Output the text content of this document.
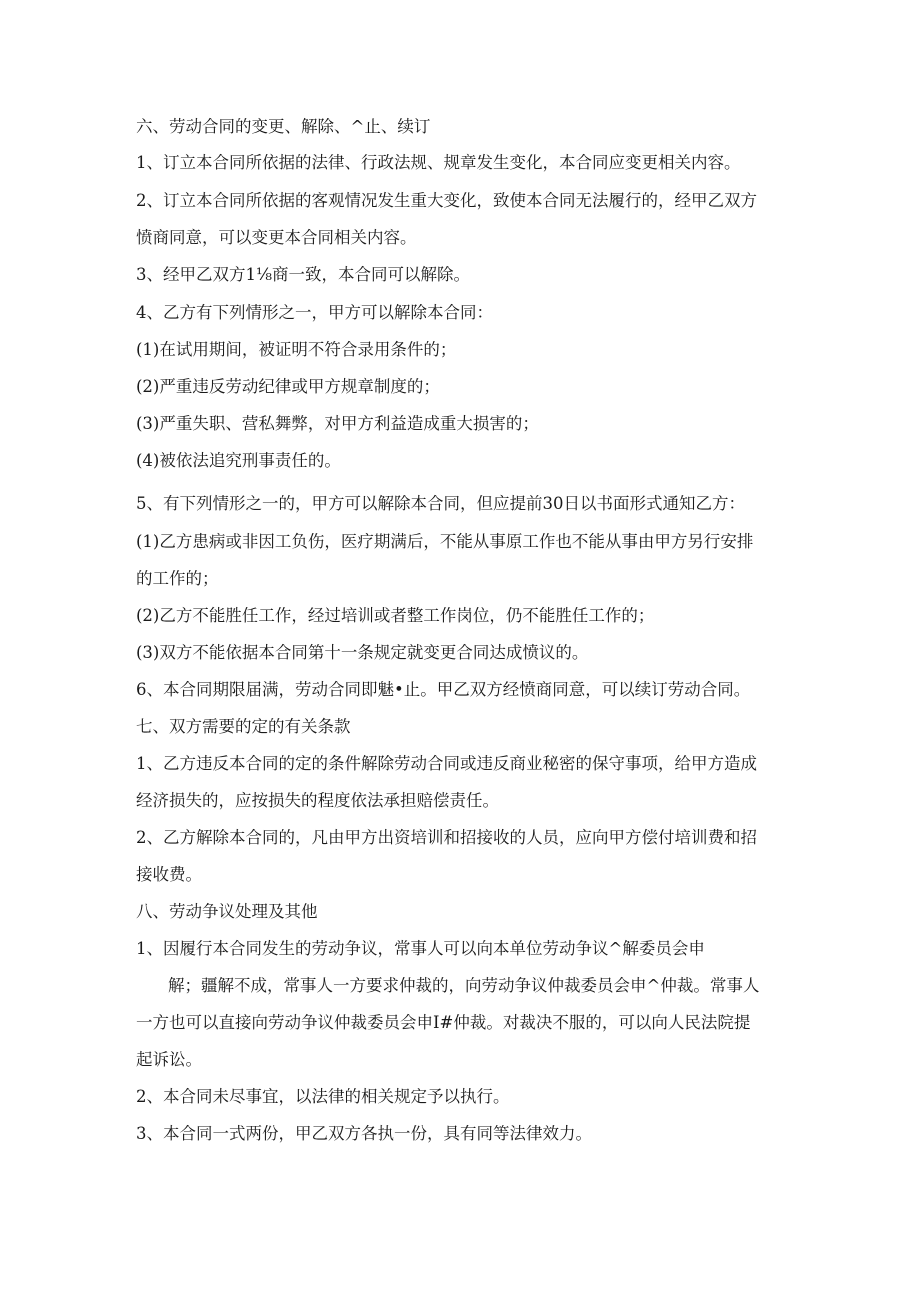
六、劳动合同的变更、解除、^止、续订
1、订立本合同所依据的法律、行政法规、规章发生变化，本合同应变更相关内容。
2、订立本合同所依据的客观情况发生重大变化，致使本合同无法履行的，经甲乙双方
愤商同意，可以变更本合同相关内容。
3、经甲乙双方1⅛商一致，本合同可以解除。
4、乙方有下列情形之一，甲方可以解除本合同：
(1)在试用期间，被证明不符合录用条件的；
(2)严重违反劳动纪律或甲方规章制度的；
(3)严重失职、营私舞弊，对甲方利益造成重大损害的；
(4)被依法追究刑事责任的。
5、有下列情形之一的，甲方可以解除本合同，但应提前30日以书面形式通知乙方：
(1)乙方患病或非因工负伤，医疗期满后，不能从事原工作也不能从事由甲方另行安排
的工作的；
(2)乙方不能胜任工作，经过培训或者整工作岗位，仍不能胜任工作的；
(3)双方不能依据本合同第十一条规定就变更合同达成愤议的。
6、本合同期限届满，劳动合同即魅•止。甲乙双方经愤商同意，可以续订劳动合同。
七、双方需要的定的有关条款
1、乙方违反本合同的定的条件解除劳动合同或违反商业秘密的保守事项，给甲方造成
经济损失的，应按损失的程度依法承担赔偿责任。
2、乙方解除本合同的，凡由甲方出资培训和招接收的人员，应向甲方偿付培训费和招
接收费。
八、劳动争议处理及其他
1、因履行本合同发生的劳动争议，常事人可以向本单位劳动争议^解委员会申
解；疆解不成，常事人一方要求仲裁的，向劳动争议仲裁委员会申^仲裁。常事人
一方也可以直接向劳动争议仲裁委员会申I#仲裁。对裁决不服的，可以向人民法院提
起诉讼。
2、本合同未尽事宜，以法律的相关规定予以执行。
3、本合同一式两份，甲乙双方各执一份，具有同等法律效力。
